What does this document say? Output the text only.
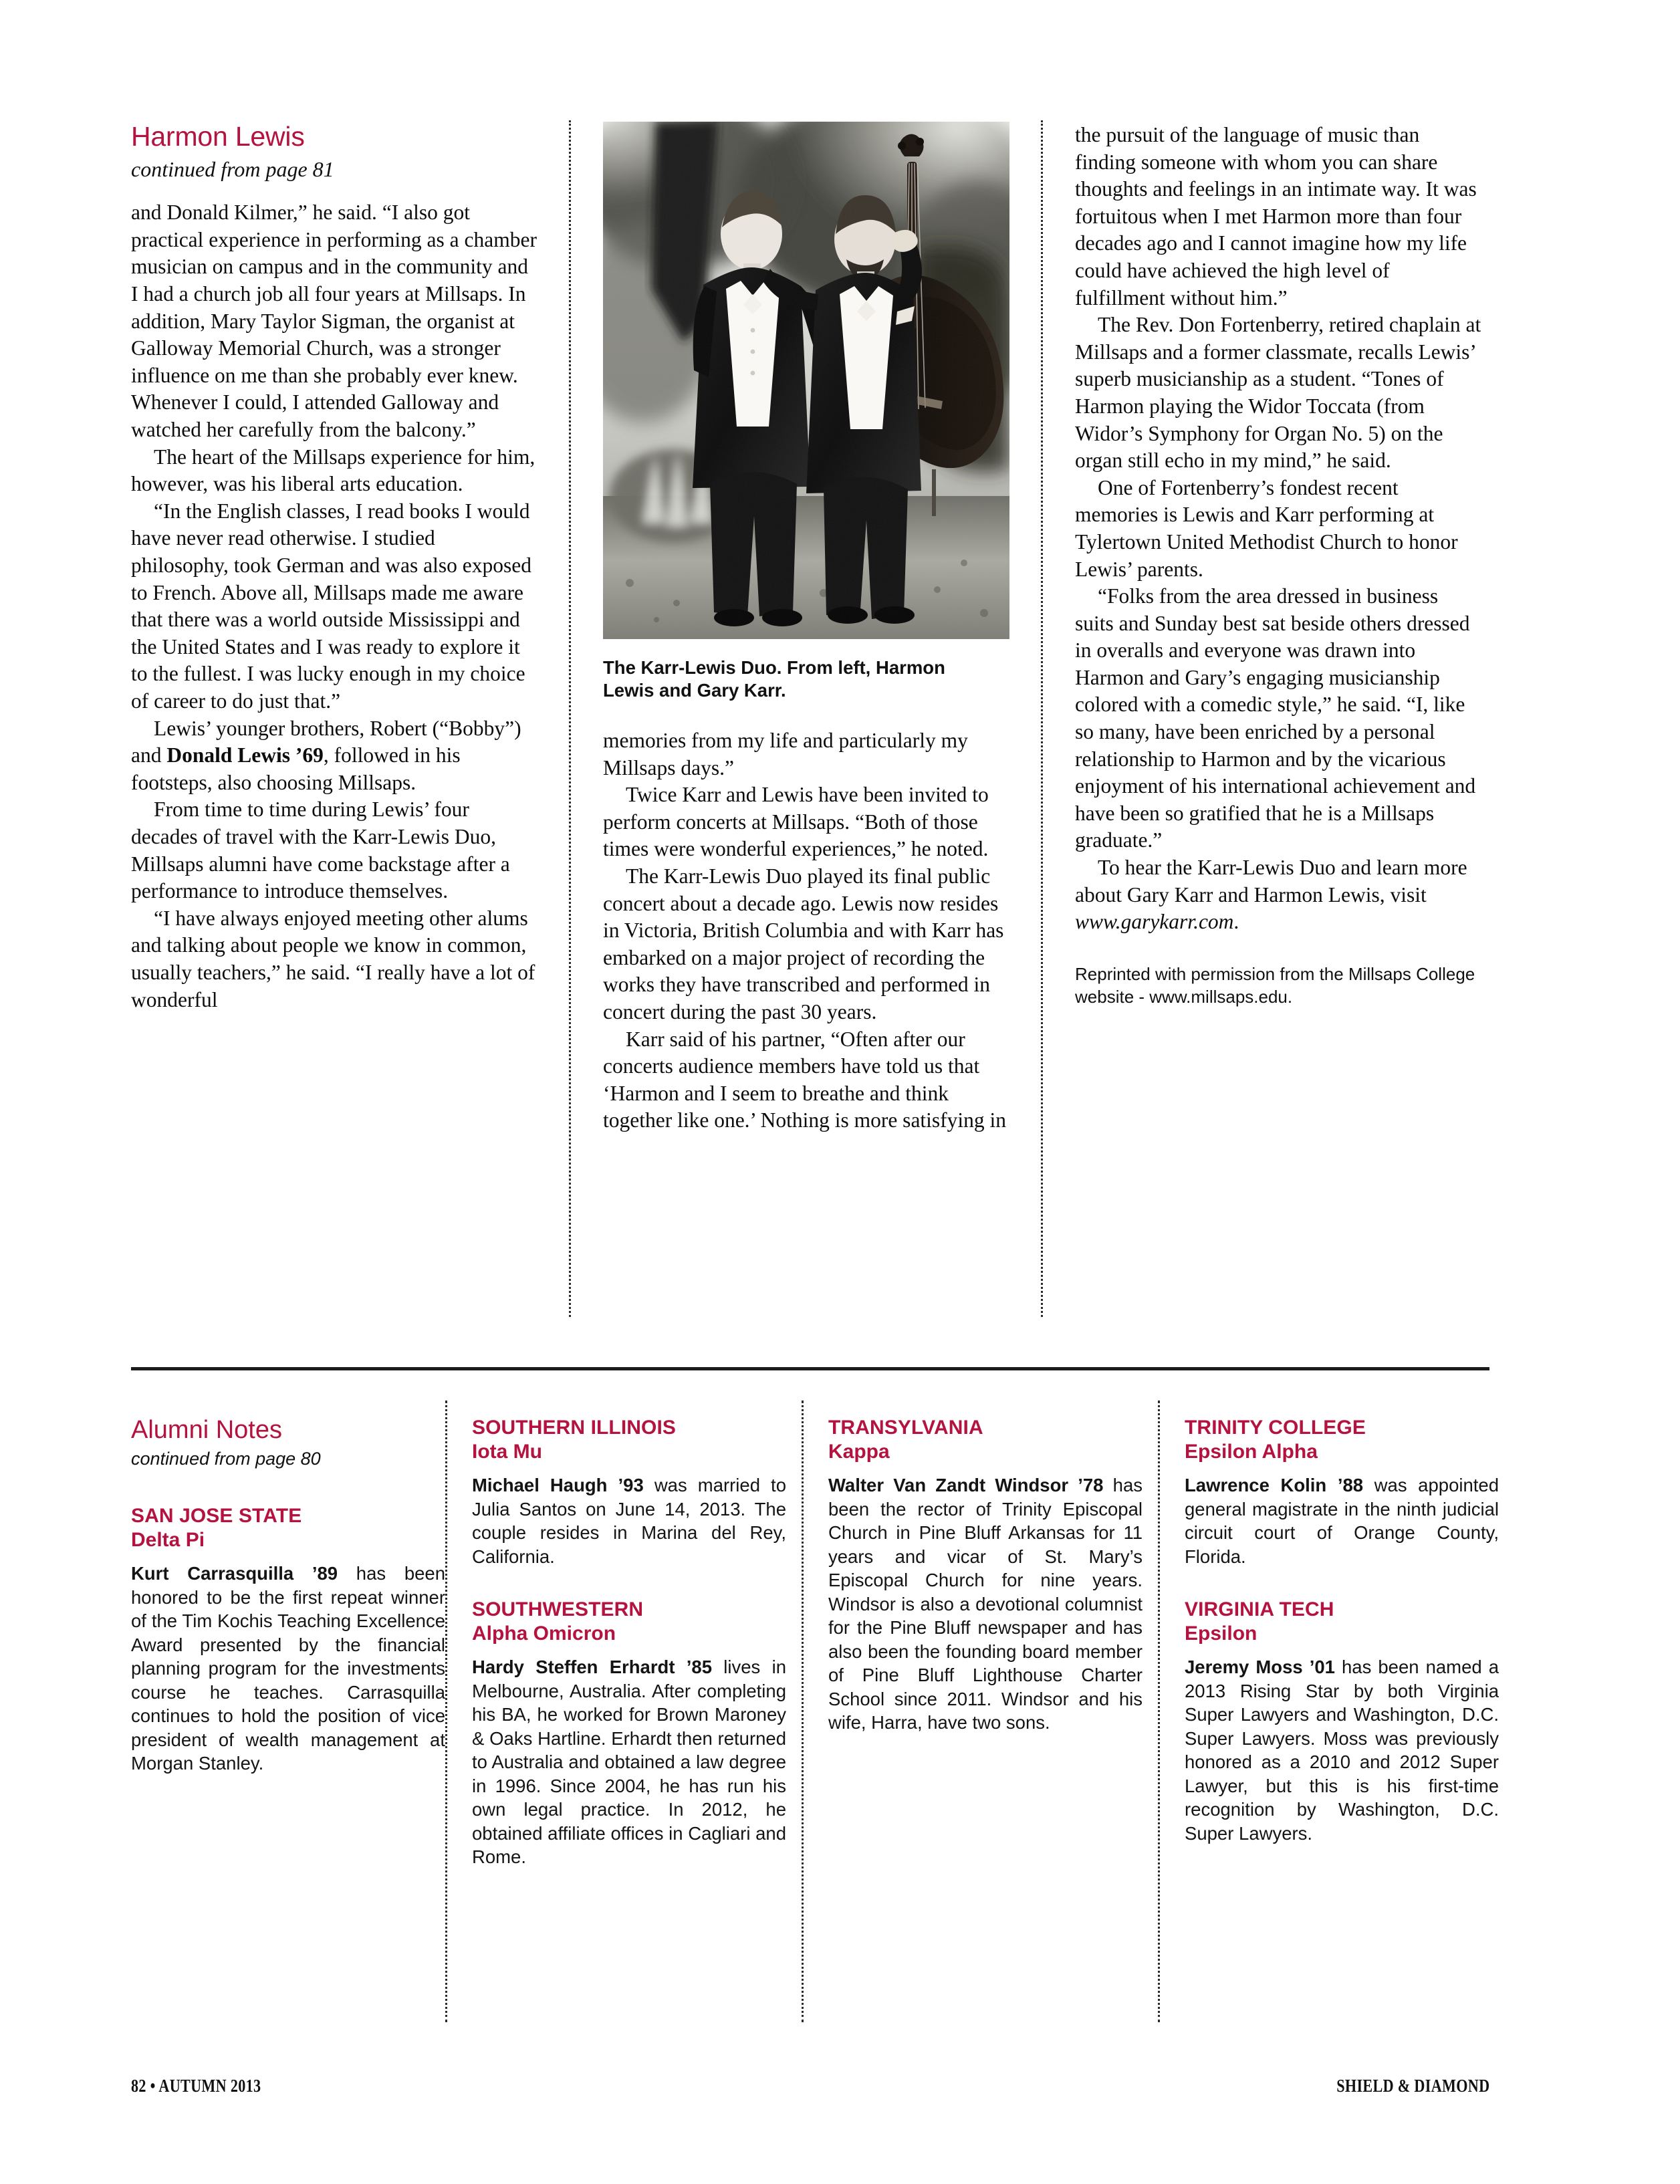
Harmon Lewis
continued from page 81

and Donald Kilmer,” he said. “I also got practical experience in performing as a chamber musician on campus and in the community and I had a church job all four years at Millsaps. In addition, Mary Taylor Sigman, the organist at Galloway Memorial Church, was a stronger influence on me than she probably ever knew. Whenever I could, I attended Galloway and watched her carefully from the balcony.”

The heart of the Millsaps experience for him, however, was his liberal arts education.

“In the English classes, I read books I would have never read otherwise. I studied philosophy, took German and was also exposed to French. Above all, Millsaps made me aware that there was a world outside Mississippi and the United States and I was ready to explore it to the fullest. I was lucky enough in my choice of career to do just that.”

Lewis’ younger brothers, Robert (“Bobby”) and Donald Lewis ’69, followed in his footsteps, also choosing Millsaps.

From time to time during Lewis’ four decades of travel with the Karr-Lewis Duo, Millsaps alumni have come backstage after a performance to introduce themselves.

“I have always enjoyed meeting other alums and talking about people we know in common, usually teachers,” he said. “I really have a lot of wonderful

The Karr-Lewis Duo. From left, Harmon Lewis and Gary Karr.

memories from my life and particularly my Millsaps days.”

Twice Karr and Lewis have been invited to perform concerts at Millsaps. “Both of those times were wonderful experiences,” he noted.

The Karr-Lewis Duo played its final public concert about a decade ago. Lewis now resides in Victoria, British Columbia and with Karr has embarked on a major project of recording the works they have transcribed and performed in concert during the past 30 years.

Karr said of his partner, “Often after our concerts audience members have told us that ‘Harmon and I seem to breathe and think together like one.’ Nothing is more satisfying in

the pursuit of the language of music than finding someone with whom you can share thoughts and feelings in an intimate way. It was fortuitous when I met Harmon more than four decades ago and I cannot imagine how my life could have achieved the high level of fulfillment without him.”

The Rev. Don Fortenberry, retired chaplain at Millsaps and a former classmate, recalls Lewis’ superb musicianship as a student. “Tones of Harmon playing the Widor Toccata (from Widor’s Symphony for Organ No. 5) on the organ still echo in my mind,” he said.

One of Fortenberry’s fondest recent memories is Lewis and Karr performing at Tylertown United Methodist Church to honor Lewis’ parents.

“Folks from the area dressed in business suits and Sunday best sat beside others dressed in overalls and everyone was drawn into Harmon and Gary’s engaging musicianship colored with a comedic style,” he said. “I, like so many, have been enriched by a personal relationship to Harmon and by the vicarious enjoyment of his international achievement and have been so gratified that he is a Millsaps graduate.”

To hear the Karr-Lewis Duo and learn more about Gary Karr and Harmon Lewis, visit www.garykarr.com.

Reprinted with permission from the Millsaps College website - www.millsaps.edu.

Alumni Notes
continued from page 80
SAN JOSE STATE
Delta Pi

Kurt Carrasquilla ’89 has been honored to be the first repeat winner of the Tim Kochis Teaching Excellence Award presented by the financial planning program for the investments course he teaches. Carrasquilla continues to hold the position of vice president of wealth management at Morgan Stanley.

SOUTHERN ILLINOIS
Iota Mu

Michael Haugh ’93 was married to Julia Santos on June 14, 2013. The couple resides in Marina del Rey, California.

SOUTHWESTERN
Alpha Omicron

Hardy Steffen Erhardt ’85 lives in Melbourne, Australia. After completing his BA, he worked for Brown Maroney & Oaks Hartline. Erhardt then returned to Australia and obtained a law degree in 1996. Since 2004, he has run his own legal practice. In 2012, he obtained affiliate offices in Cagliari and Rome.

TRANSYLVANIA
Kappa

Walter Van Zandt Windsor ’78 has been the rector of Trinity Episcopal Church in Pine Bluff Arkansas for 11 years and vicar of St. Mary’s Episcopal Church for nine years. Windsor is also a devotional columnist for the Pine Bluff newspaper and has also been the founding board member of Pine Bluff Lighthouse Charter School since 2011. Windsor and his wife, Harra, have two sons.

TRINITY COLLEGE
Epsilon Alpha

Lawrence Kolin ’88 was appointed general magistrate in the ninth judicial circuit court of Orange County, Florida.

VIRGINIA TECH
Epsilon

Jeremy Moss ’01 has been named a 2013 Rising Star by both Virginia Super Lawyers and Washington, D.C. Super Lawyers. Moss was previously honored as a 2010 and 2012 Super Lawyer, but this is his first-time recognition by Washington, D.C. Super Lawyers.

82 • AUTUMN 2013	SHIELD & DIAMOND
